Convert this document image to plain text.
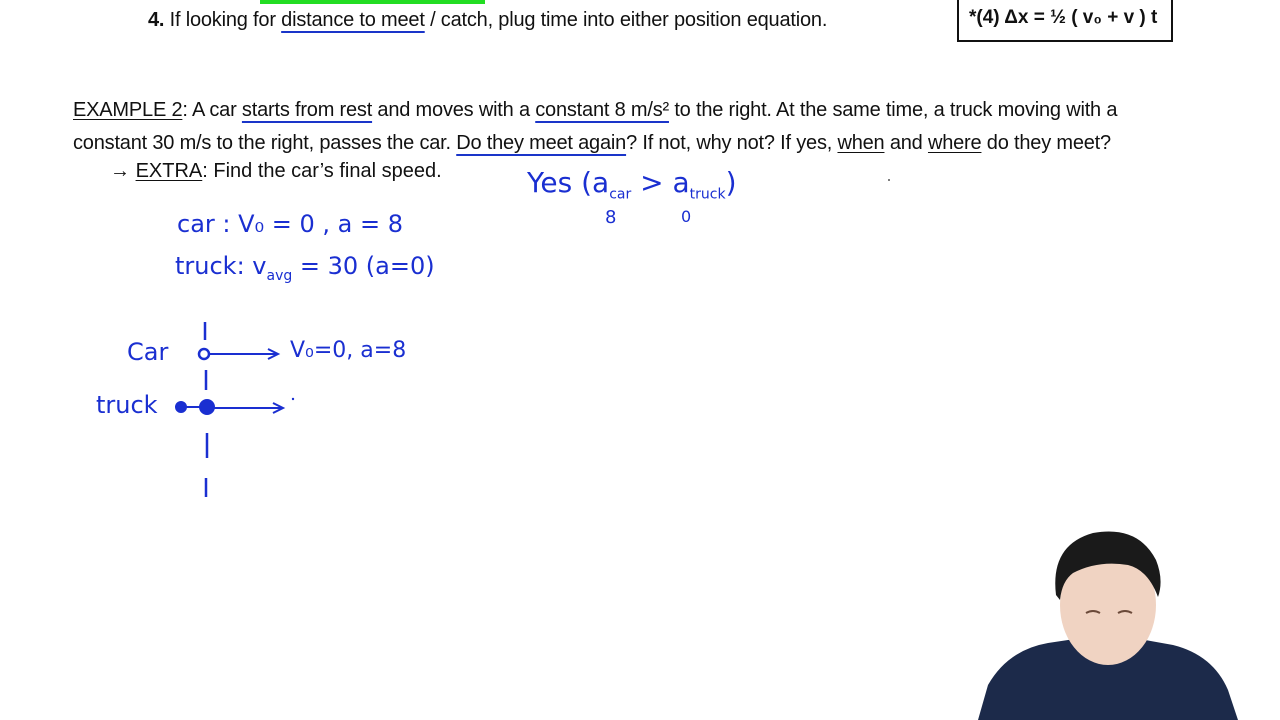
4. If looking for distance to meet / catch, plug time into either position equation.	*(4) Δx = ½ ( v₀ + v ) t
EXAMPLE 2: A car starts from rest and moves with a constant 8 m/s² to the right. At the same time, a truck moving with a constant 30 m/s to the right, passes the car. Do they meet again? If not, why not? If yes, when and where do they meet?
→ EXTRA: Find the car’s final speed.	Yes $(a_{car} > a_{truck})$
8	0
car : V₀ = 0 , a = 8
truck: $v_{avg} = 30$ (a=0)
Car
truck
V₀=0, a=8
